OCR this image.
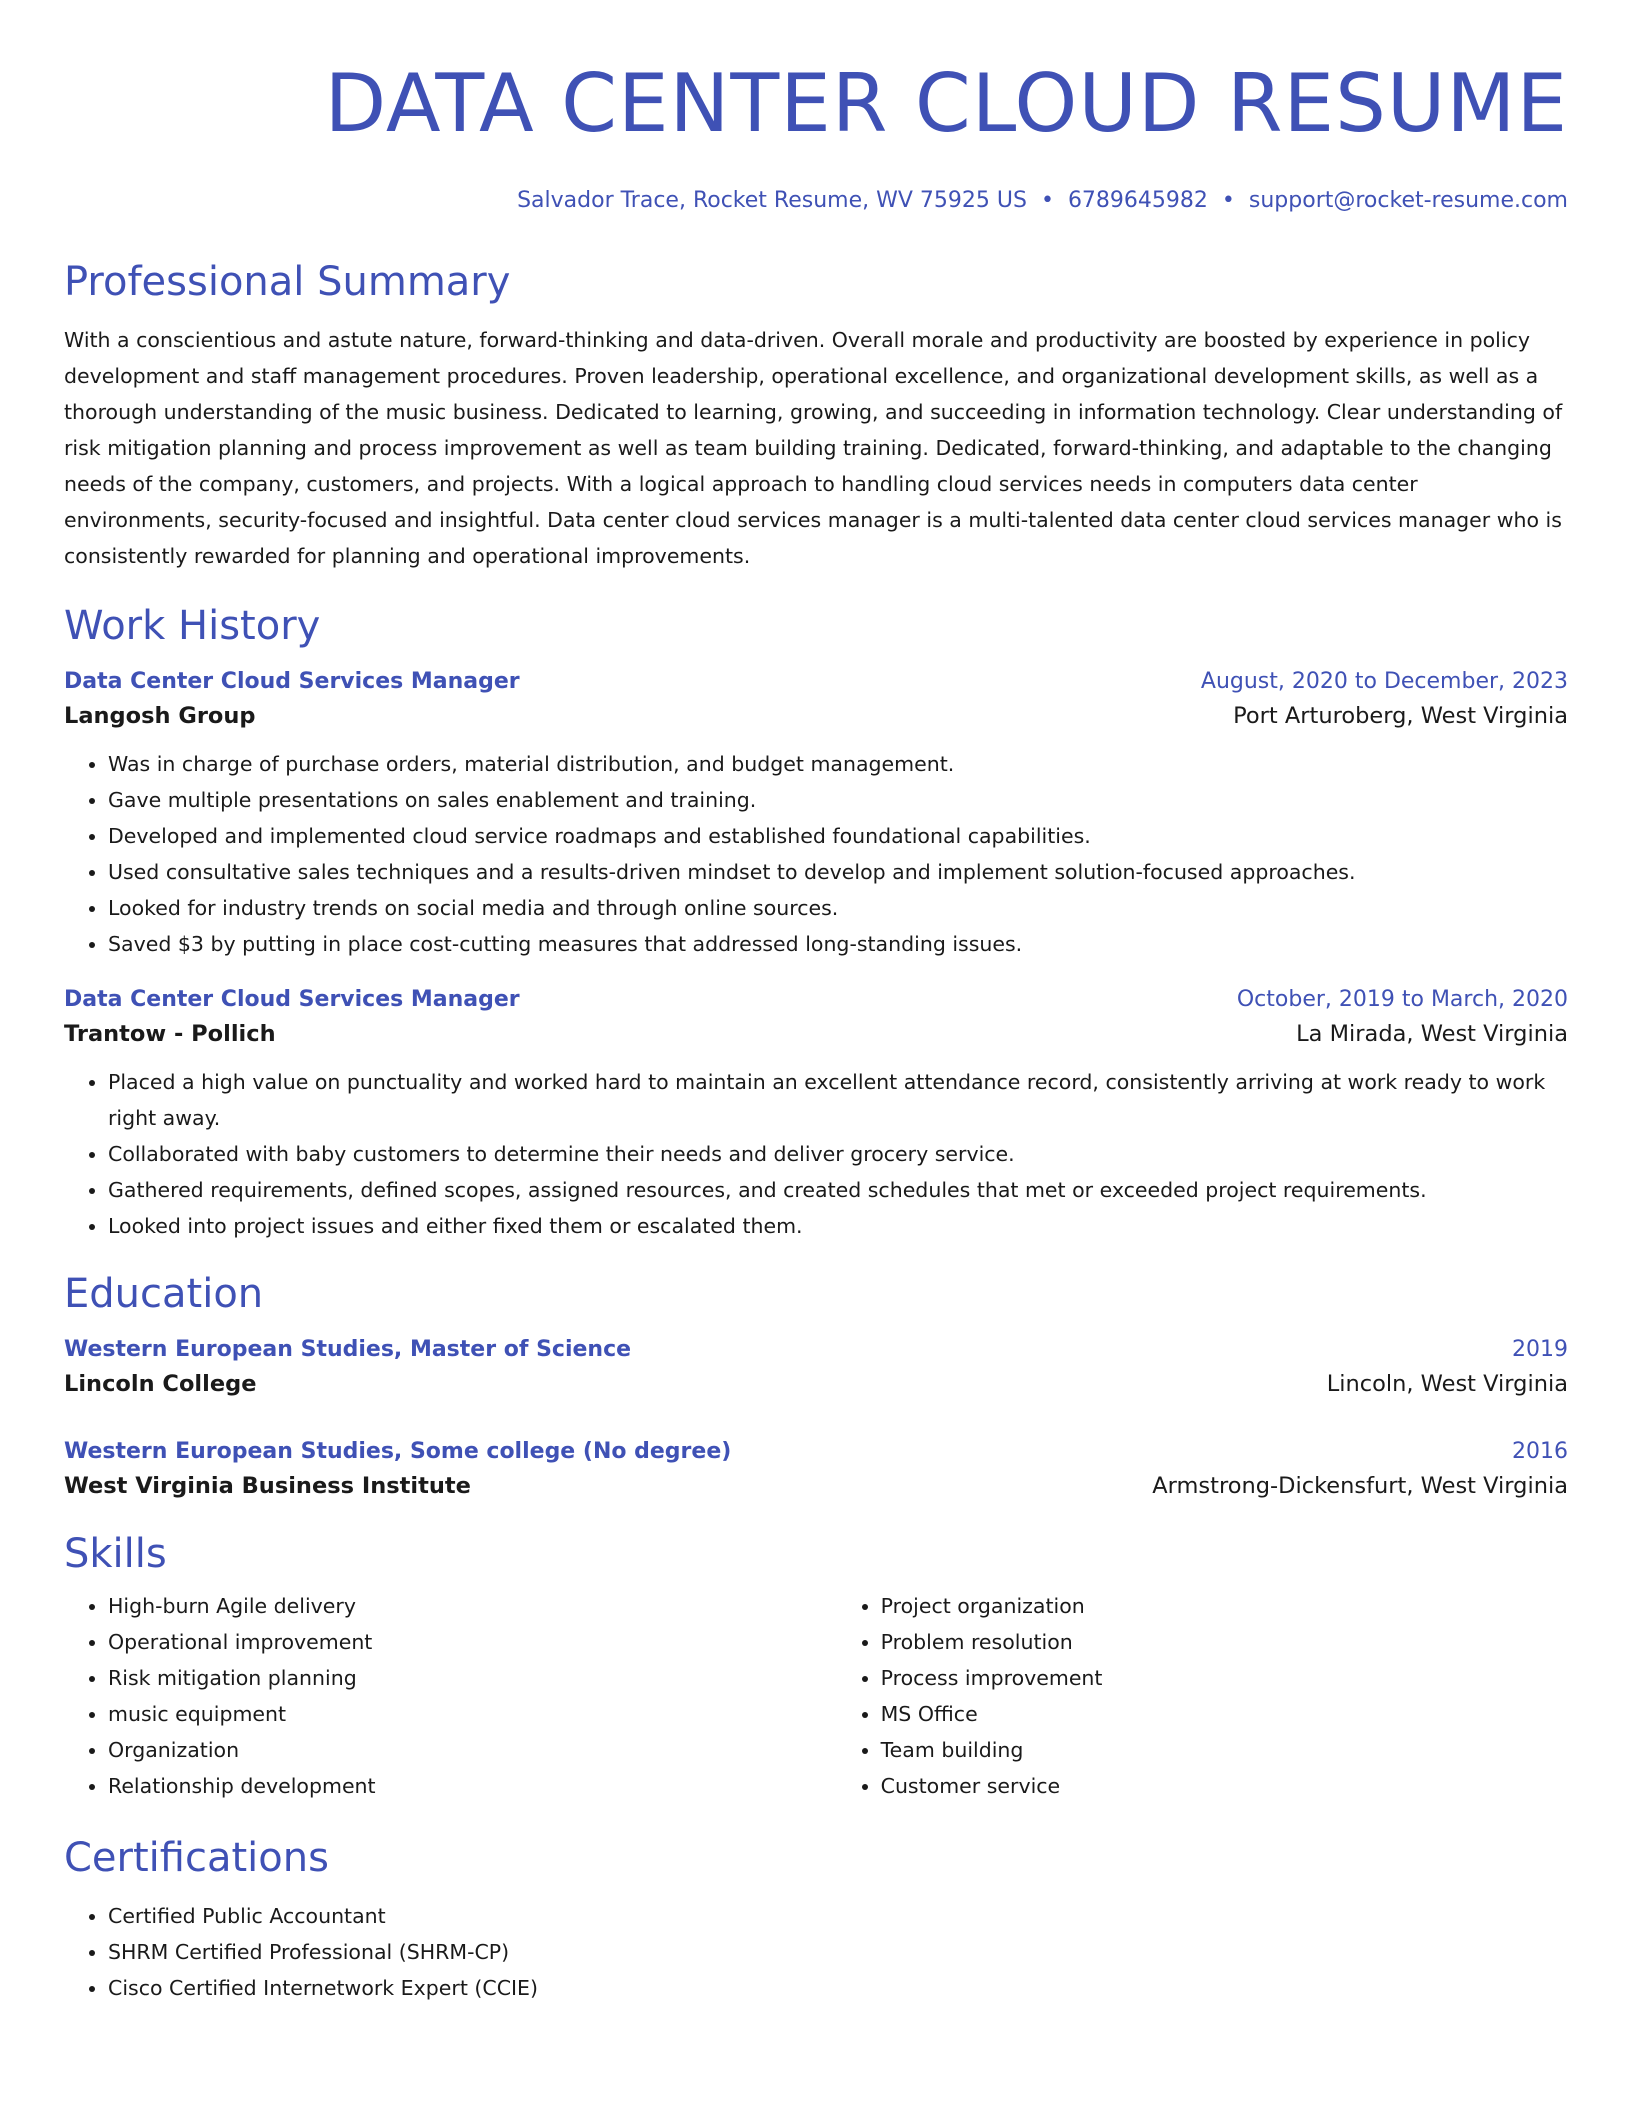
DATA CENTER CLOUD RESUME
Salvador Trace, Rocket Resume, WV 75925 US • 6789645982 • support@rocket-resume.com
Professional Summary

With a conscientious and astute nature, forward-thinking and data-driven. Overall morale and productivity are boosted by experience in policy development and staff management procedures. Proven leadership, operational excellence, and organizational development skills, as well as a thorough understanding of the music business. Dedicated to learning, growing, and succeeding in information technology. Clear understanding of risk mitigation planning and process improvement as well as team building training. Dedicated, forward-thinking, and adaptable to the changing needs of the company, customers, and projects. With a logical approach to handling cloud services needs in computers data center environments, security-focused and insightful. Data center cloud services manager is a multi-talented data center cloud services manager who is consistently rewarded for planning and operational improvements.

Work History
Data Center Cloud Services Manager	August, 2020 to December, 2023
Langosh Group	Port Arturoberg, West Virginia
• Was in charge of purchase orders, material distribution, and budget management.
• Gave multiple presentations on sales enablement and training.
• Developed and implemented cloud service roadmaps and established foundational capabilities.
• Used consultative sales techniques and a results-driven mindset to develop and implement solution-focused approaches.
• Looked for industry trends on social media and through online sources.
• Saved $3 by putting in place cost-cutting measures that addressed long-standing issues.
Data Center Cloud Services Manager	October, 2019 to March, 2020
Trantow - Pollich	La Mirada, West Virginia
• Placed a high value on punctuality and worked hard to maintain an excellent attendance record, consistently arriving at work ready to work right away.
• Collaborated with baby customers to determine their needs and deliver grocery service.
• Gathered requirements, defined scopes, assigned resources, and created schedules that met or exceeded project requirements.
• Looked into project issues and either fixed them or escalated them.
Education
Western European Studies, Master of Science	2019
Lincoln College	Lincoln, West Virginia
Western European Studies, Some college (No degree)	2016
West Virginia Business Institute	Armstrong-Dickensfurt, West Virginia
Skills
• High-burn Agile delivery
• Operational improvement
• Risk mitigation planning
• music equipment
• Organization
• Relationship development
• Project organization
• Problem resolution
• Process improvement
• MS Office
• Team building
• Customer service
Certifications
• Certified Public Accountant
• SHRM Certified Professional (SHRM-CP)
• Cisco Certified Internetwork Expert (CCIE)
